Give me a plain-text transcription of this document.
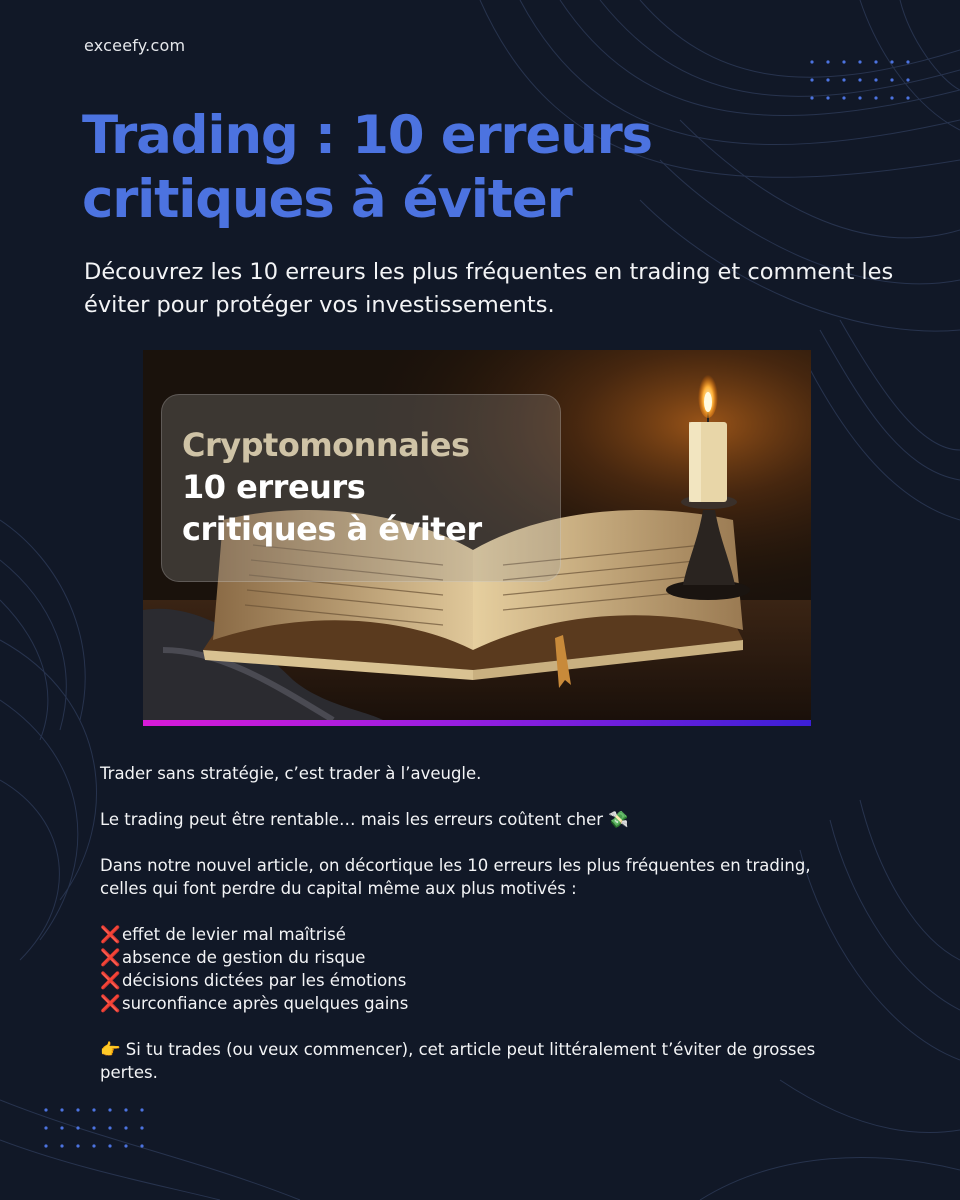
exceefy.com
Trading : 10 erreurs
critiques à éviter

Découvrez les 10 erreurs les plus fréquentes en trading et comment les éviter pour protéger vos investissements.

Cryptomonnaies
10 erreurs
critiques à éviter

Trader sans stratégie, c’est trader à l’aveugle.

Le trading peut être rentable… mais les erreurs coûtent cher 💸

Dans notre nouvel article, on décortique les 10 erreurs les plus fréquentes en trading, celles qui font perdre du capital même aux plus motivés :

❌effet de levier mal maîtrisé
❌absence de gestion du risque
❌décisions dictées par les émotions
❌surconfiance après quelques gains

👉 Si tu trades (ou veux commencer), cet article peut littéralement t’éviter de grosses pertes.
